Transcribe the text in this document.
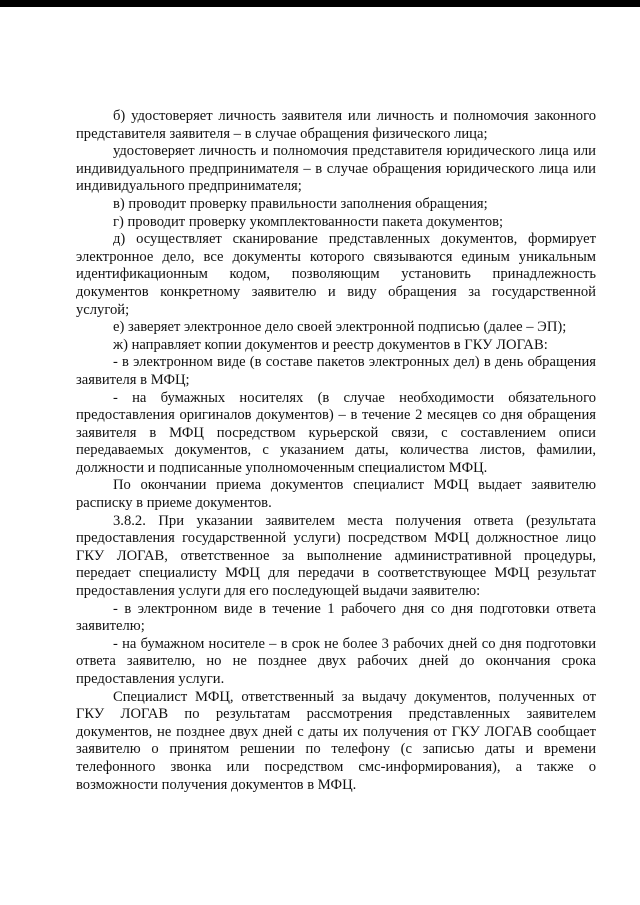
б) удостоверяет личность заявителя или личность и полномочия законного представителя заявителя – в случае обращения физического лица;

удостоверяет личность и полномочия представителя юридического лица или индивидуального предпринимателя – в случае обращения юридического лица или индивидуального предпринимателя;

в) проводит проверку правильности заполнения обращения;

г) проводит проверку укомплектованности пакета документов;

д) осуществляет сканирование представленных документов, формирует электронное дело, все документы которого связываются единым уникальным идентификационным кодом, позволяющим установить принадлежность документов конкретному заявителю и виду обращения за государственной услугой;

е) заверяет электронное дело своей электронной подписью (далее – ЭП);

ж) направляет копии документов и реестр документов в ГКУ ЛОГАВ:

- в электронном виде (в составе пакетов электронных дел) в день обращения заявителя в МФЦ;

- на бумажных носителях (в случае необходимости обязательного предоставления оригиналов документов) – в течение 2 месяцев со дня обращения заявителя в МФЦ посредством курьерской связи, с составлением описи передаваемых документов, с указанием даты, количества листов, фамилии, должности и подписанные уполномоченным специалистом МФЦ.

По окончании приема документов специалист МФЦ выдает заявителю расписку в приеме документов.

3.8.2. При указании заявителем места получения ответа (результата предоставления государственной услуги) посредством МФЦ должностное лицо ГКУ ЛОГАВ, ответственное за выполнение административной процедуры, передает специалисту МФЦ для передачи в соответствующее МФЦ результат предоставления услуги для его последующей выдачи заявителю:

- в электронном виде в течение 1 рабочего дня со дня подготовки ответа заявителю;

- на бумажном носителе – в срок не более 3 рабочих дней со дня подготовки ответа заявителю, но не позднее двух рабочих дней до окончания срока предоставления услуги.

Специалист МФЦ, ответственный за выдачу документов, полученных от ГКУ ЛОГАВ по результатам рассмотрения представленных заявителем документов, не позднее двух дней с даты их получения от ГКУ ЛОГАВ сообщает заявителю о принятом решении по телефону (с записью даты и времени телефонного звонка или посредством смс-информирования), а также о возможности получения документов в МФЦ.
